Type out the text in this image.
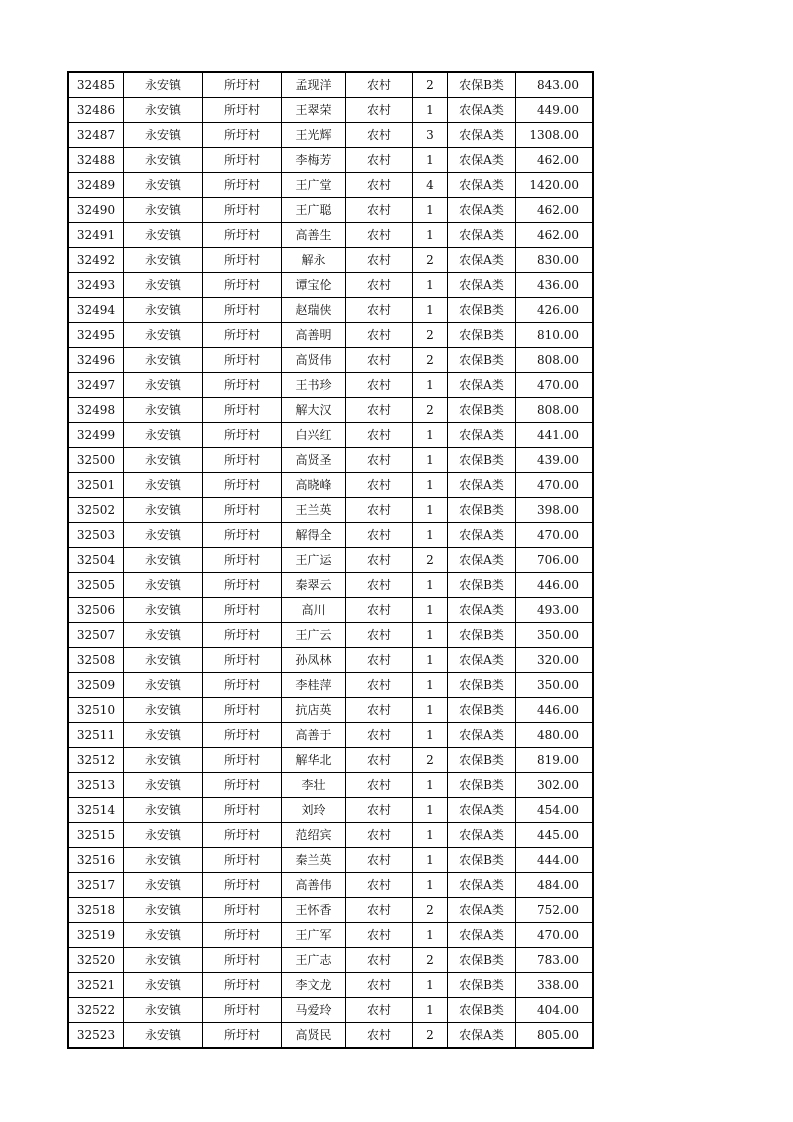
32485	永安镇	所圩村	孟现洋	农村	2	农保B类	843.00
32486	永安镇	所圩村	王翠荣	农村	1	农保A类	449.00
32487	永安镇	所圩村	王光辉	农村	3	农保A类	1308.00
32488	永安镇	所圩村	李梅芳	农村	1	农保A类	462.00
32489	永安镇	所圩村	王广堂	农村	4	农保A类	1420.00
32490	永安镇	所圩村	王广聪	农村	1	农保A类	462.00
32491	永安镇	所圩村	高善生	农村	1	农保A类	462.00
32492	永安镇	所圩村	解永	农村	2	农保A类	830.00
32493	永安镇	所圩村	谭宝伦	农村	1	农保A类	436.00
32494	永安镇	所圩村	赵瑞侠	农村	1	农保B类	426.00
32495	永安镇	所圩村	高善明	农村	2	农保B类	810.00
32496	永安镇	所圩村	高贤伟	农村	2	农保B类	808.00
32497	永安镇	所圩村	王书珍	农村	1	农保A类	470.00
32498	永安镇	所圩村	解大汉	农村	2	农保B类	808.00
32499	永安镇	所圩村	白兴红	农村	1	农保A类	441.00
32500	永安镇	所圩村	高贤圣	农村	1	农保B类	439.00
32501	永安镇	所圩村	高晓峰	农村	1	农保A类	470.00
32502	永安镇	所圩村	王兰英	农村	1	农保B类	398.00
32503	永安镇	所圩村	解得全	农村	1	农保A类	470.00
32504	永安镇	所圩村	王广运	农村	2	农保A类	706.00
32505	永安镇	所圩村	秦翠云	农村	1	农保B类	446.00
32506	永安镇	所圩村	高川	农村	1	农保A类	493.00
32507	永安镇	所圩村	王广云	农村	1	农保B类	350.00
32508	永安镇	所圩村	孙凤林	农村	1	农保A类	320.00
32509	永安镇	所圩村	李桂萍	农村	1	农保B类	350.00
32510	永安镇	所圩村	抗店英	农村	1	农保B类	446.00
32511	永安镇	所圩村	高善于	农村	1	农保A类	480.00
32512	永安镇	所圩村	解华北	农村	2	农保B类	819.00
32513	永安镇	所圩村	李壮	农村	1	农保B类	302.00
32514	永安镇	所圩村	刘玲	农村	1	农保A类	454.00
32515	永安镇	所圩村	范绍宾	农村	1	农保A类	445.00
32516	永安镇	所圩村	秦兰英	农村	1	农保B类	444.00
32517	永安镇	所圩村	高善伟	农村	1	农保A类	484.00
32518	永安镇	所圩村	王怀香	农村	2	农保A类	752.00
32519	永安镇	所圩村	王广军	农村	1	农保A类	470.00
32520	永安镇	所圩村	王广志	农村	2	农保B类	783.00
32521	永安镇	所圩村	李文龙	农村	1	农保B类	338.00
32522	永安镇	所圩村	马爱玲	农村	1	农保B类	404.00
32523	永安镇	所圩村	高贤民	农村	2	农保A类	805.00
